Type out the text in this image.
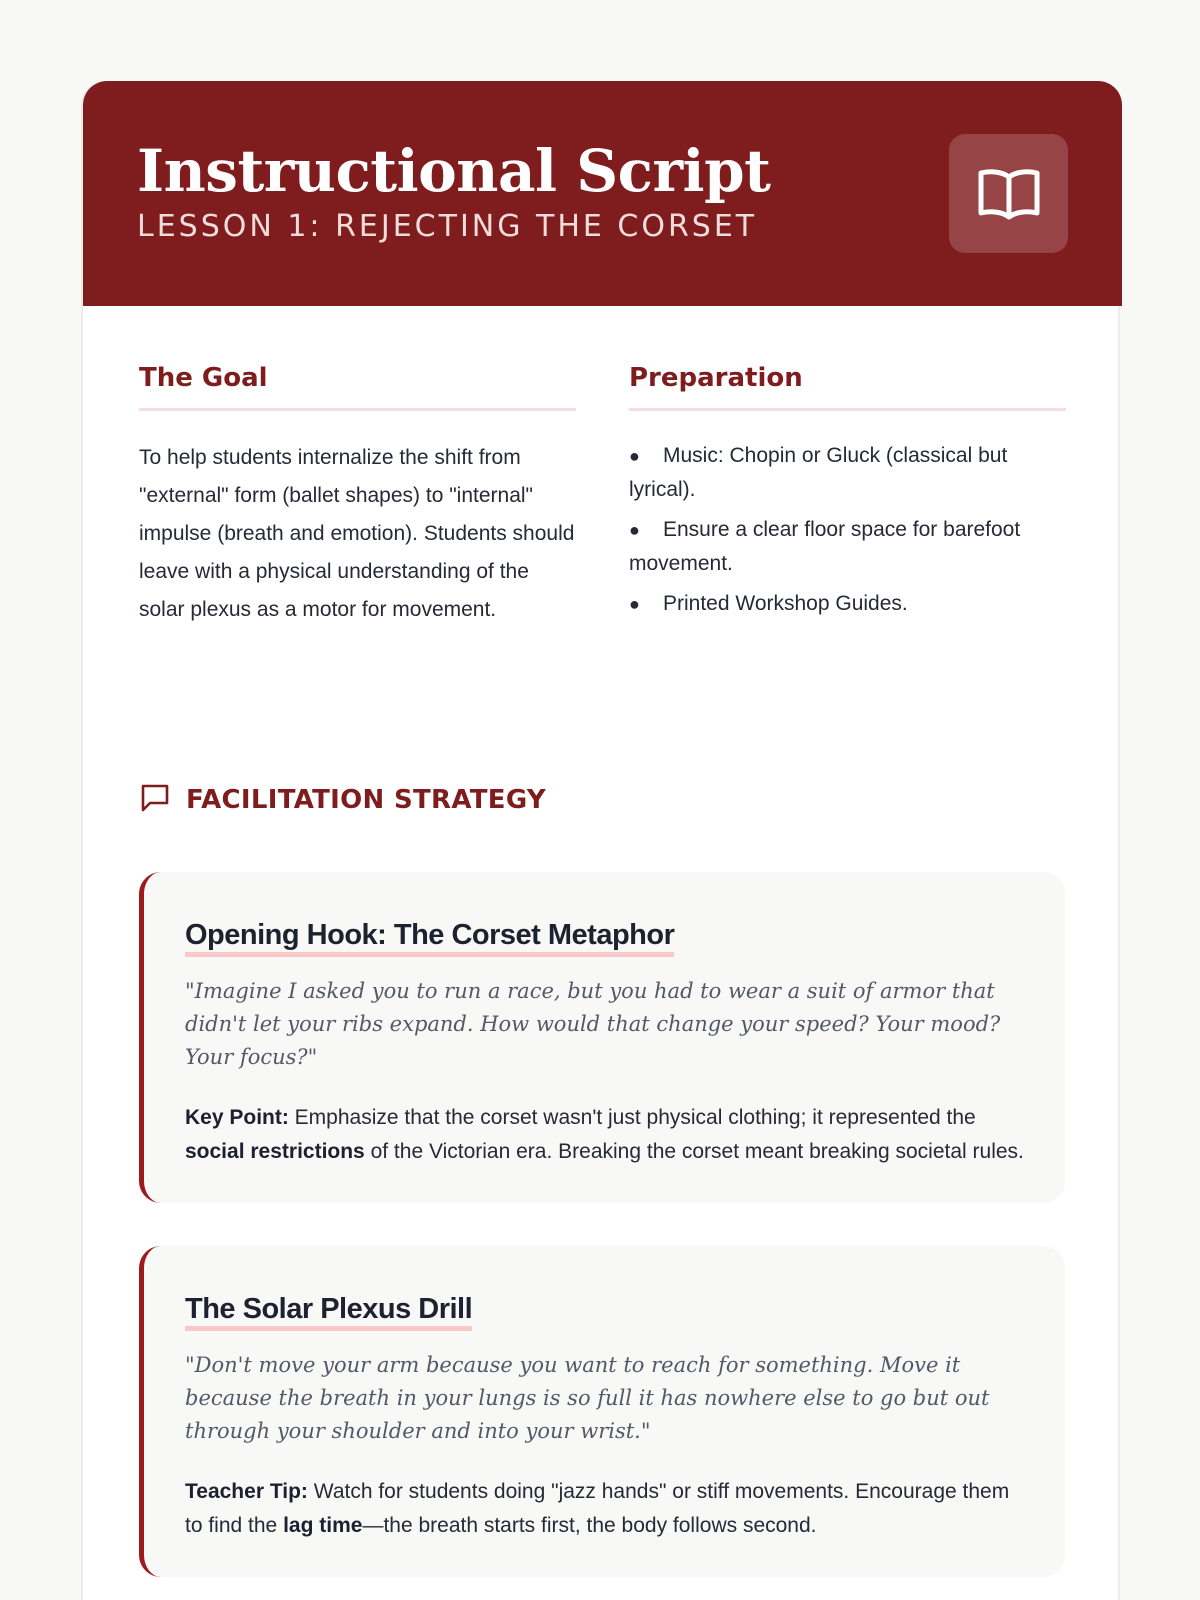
Instructional Script
LESSON 1: REJECTING THE CORSET
The Goal

To help students internalize the shift from "external" form (ballet shapes) to "internal" impulse (breath and emotion). Students should leave with a physical understanding of the solar plexus as a motor for movement.

Preparation
● Music: Chopin or Gluck (classical but lyrical).
● Ensure a clear floor space for barefoot movement.
● Printed Workshop Guides.
FACILITATION STRATEGY
Opening Hook: The Corset Metaphor

"Imagine I asked you to run a race, but you had to wear a suit of armor that didn't let your ribs expand. How would that change your speed? Your mood? Your focus?"

Key Point: Emphasize that the corset wasn't just physical clothing; it represented the social restrictions of the Victorian era. Breaking the corset meant breaking societal rules.

The Solar Plexus Drill

"Don't move your arm because you want to reach for something. Move it because the breath in your lungs is so full it has nowhere else to go but out through your shoulder and into your wrist."

Teacher Tip: Watch for students doing "jazz hands" or stiff movements. Encourage them to find the lag time—the breath starts first, the body follows second.
